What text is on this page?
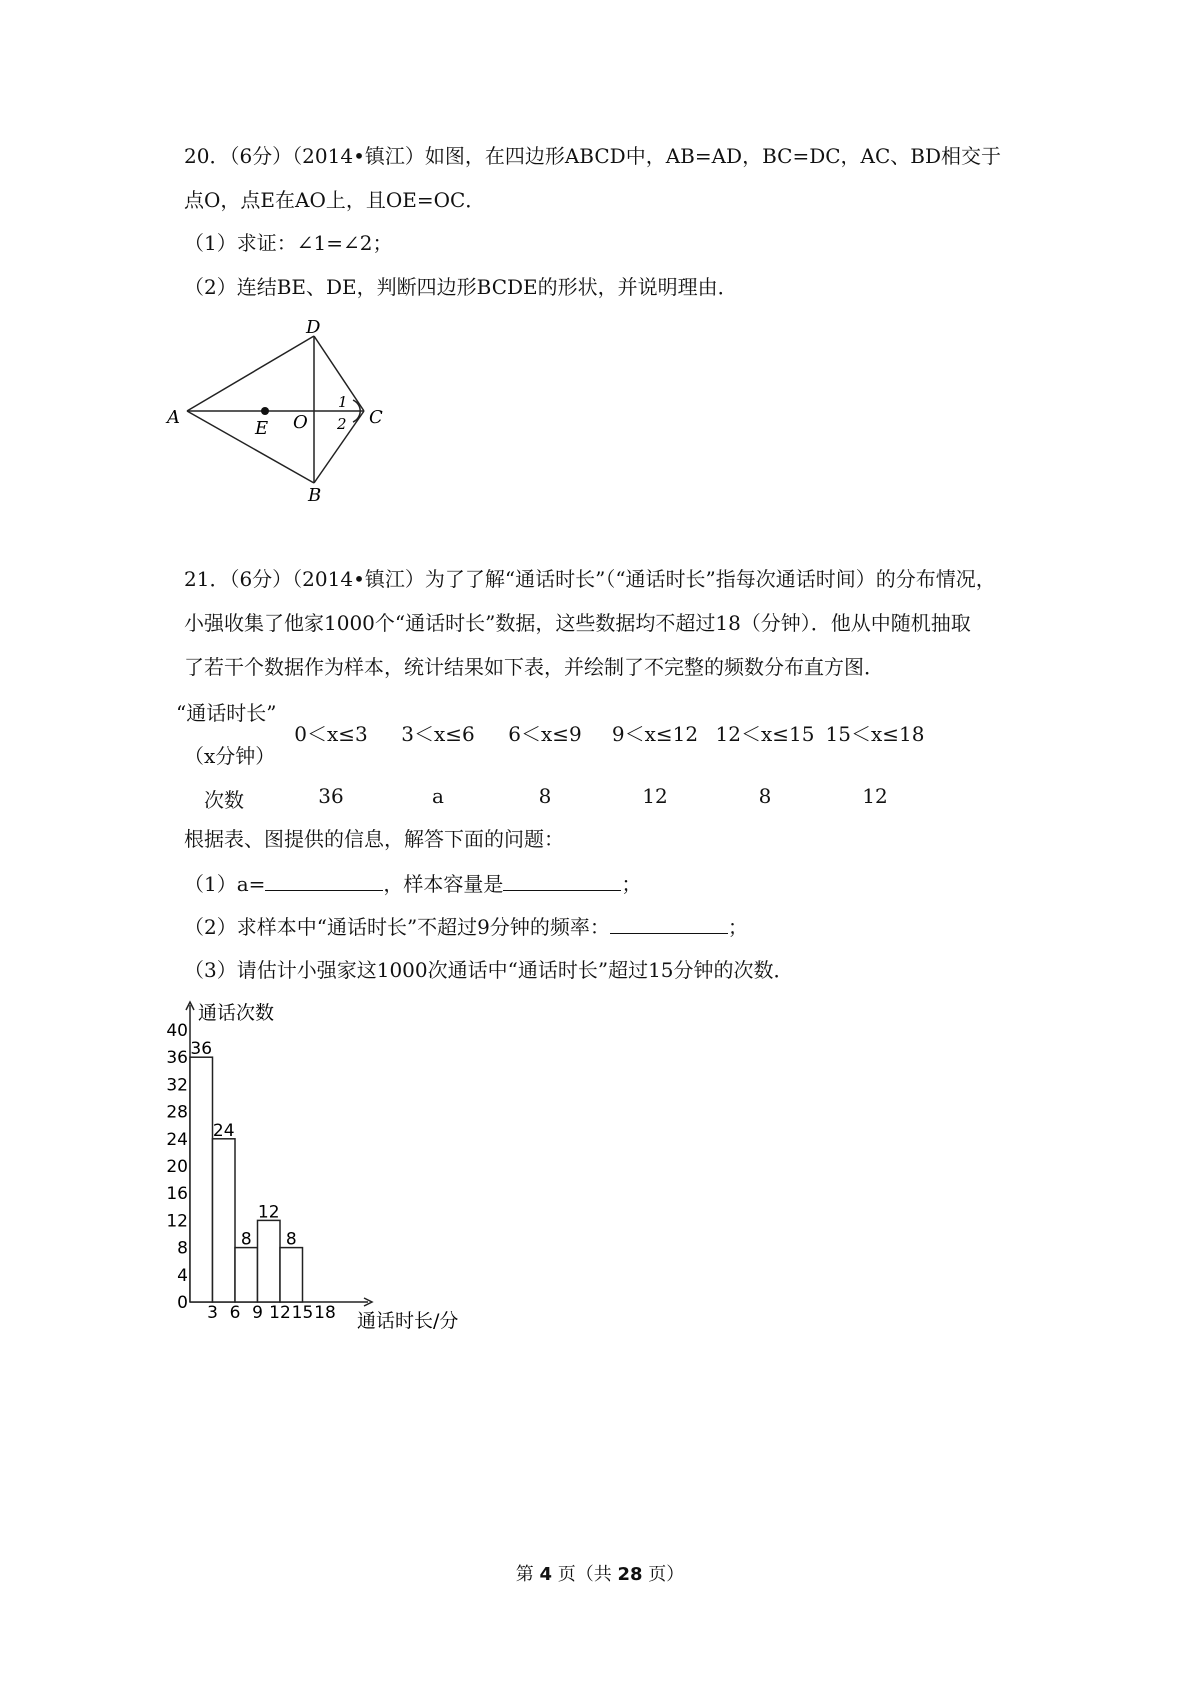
20．（6分）（2014•镇江）如图，在四边形ABCD中，AB=AD，BC=DC，AC、BD相交于
点O，点E在AO上，且OE=OC．
（1）求证：∠1=∠2；
（2）连结BE、DE，判断四边形BCDE的形状，并说明理由．
D
A	C
B
E O
1
2
21．（6分）（2014•镇江）为了了解“通话时长”（“通话时长”指每次通话时间）的分布情况，
小强收集了他家1000个“通话时长”数据，这些数据均不超过18（分钟）．他从中随机抽取
了若干个数据作为样本，统计结果如下表，并绘制了不完整的频数分布直方图．
“通话时长”
（x分钟）
0＜x≤3	3＜x≤6	6＜x≤9	9＜x≤12 12＜x≤15 15＜x≤18
次数	36	a	8	12	8	12
根据表、图提供的信息，解答下面的问题：
（1）a=	，样本容量是	；
（2）求样本中“通话时长”不超过9分钟的频率：	；
（3）请估计小强家这1000次通话中“通话时长”超过15分钟的次数．
通话次数
通话时长/分
0
4
8
12
16
20
24
28
32
36
40
3 6 9 12 15 18
36
24
8
12
8
第 4 页（共 28 页）
